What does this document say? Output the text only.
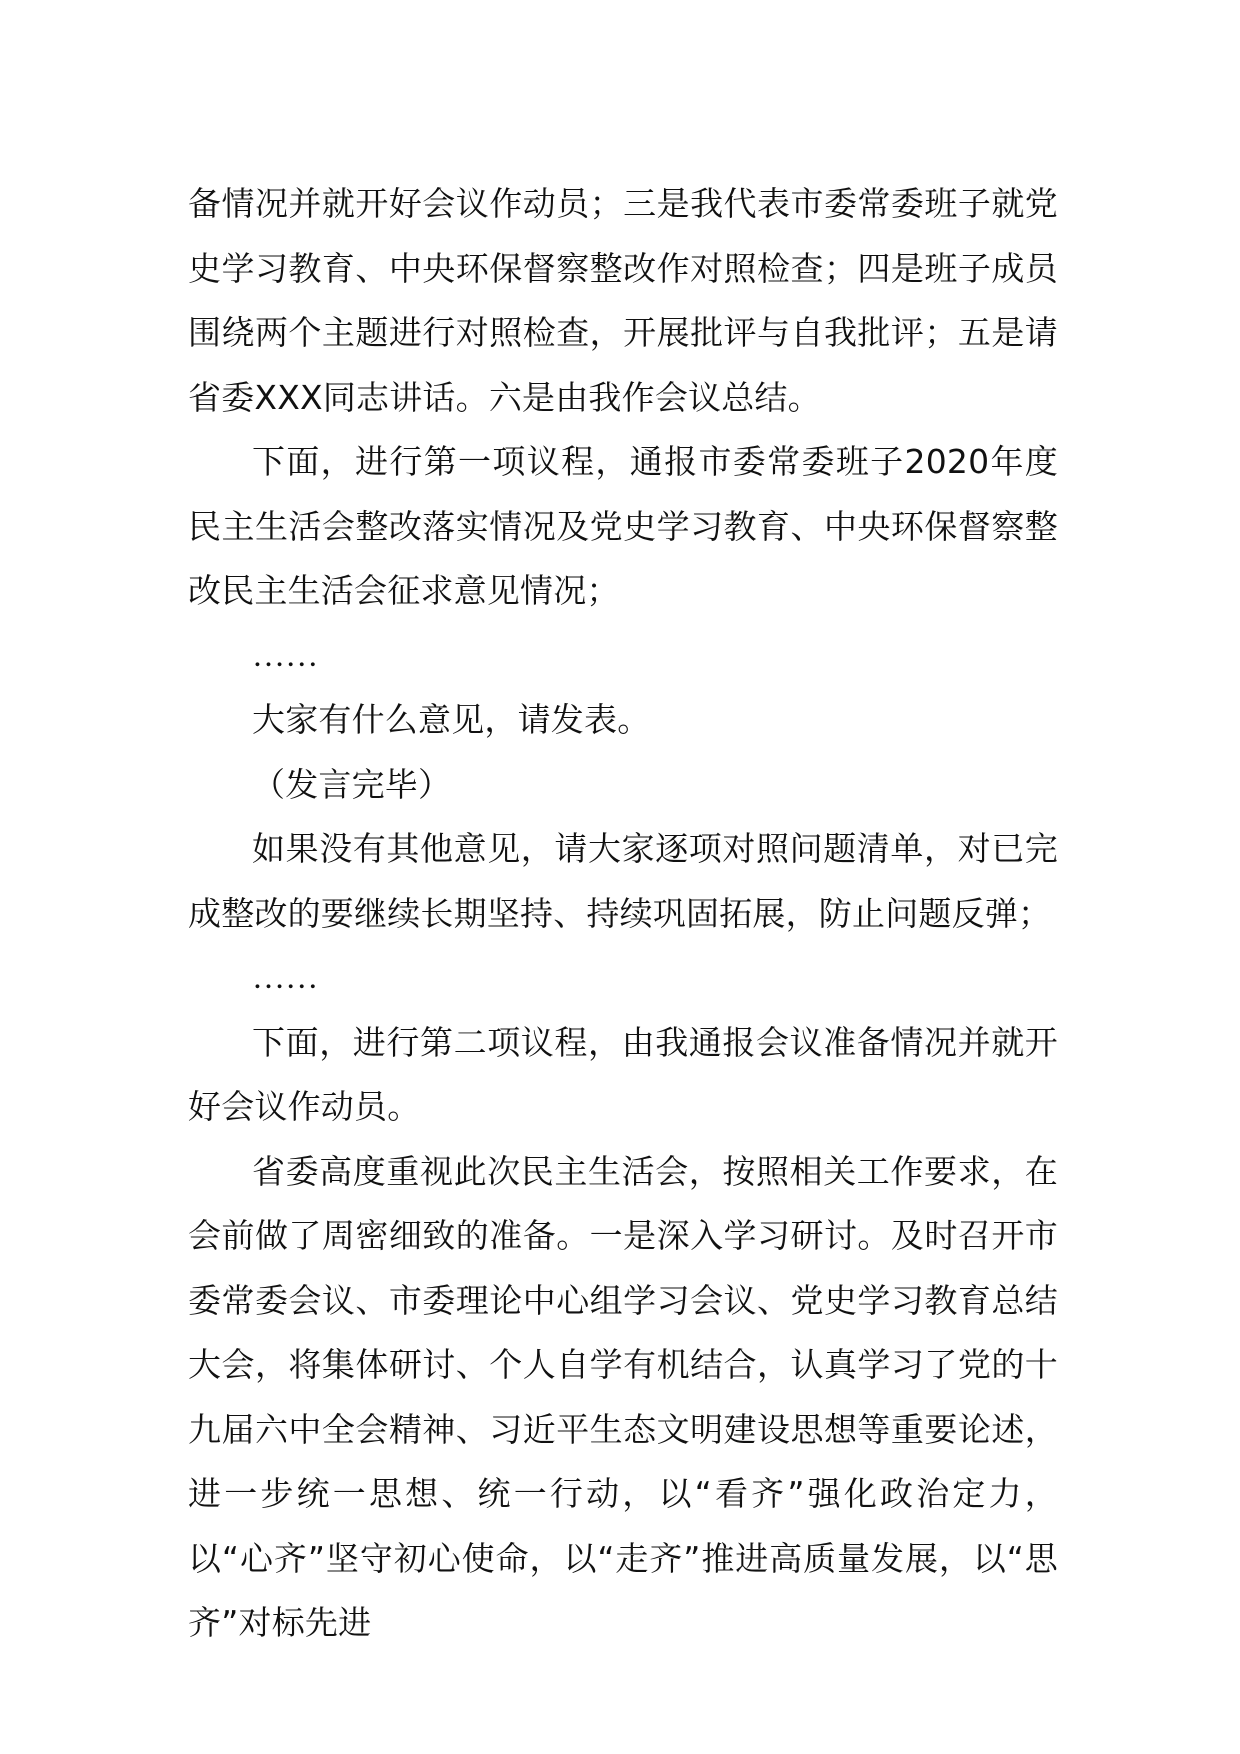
备情况并就开好会议作动员；三是我代表市委常委班子就党史学习教育、中央环保督察整改作对照检查；四是班子成员围绕两个主题进行对照检查，开展批评与自我批评；五是请省委XXX同志讲话。六是由我作会议总结。

下面，进行第一项议程，通报市委常委班子2020年度民主生活会整改落实情况及党史学习教育、中央环保督察整改民主生活会征求意见情况；

……

大家有什么意见，请发表。

（发言完毕）

如果没有其他意见，请大家逐项对照问题清单，对已完成整改的要继续长期坚持、持续巩固拓展，防止问题反弹；

……

下面，进行第二项议程，由我通报会议准备情况并就开好会议作动员。

省委高度重视此次民主生活会，按照相关工作要求，在会前做了周密细致的准备。一是深入学习研讨。及时召开市委常委会议、市委理论中心组学习会议、党史学习教育总结大会，将集体研讨、个人自学有机结合，认真学习了党的十九届六中全会精神、习近平生态文明建设思想等重要论述，进一步统一思想、统一行动，以“看齐”强化政治定力，以“心齐”坚守初心使命，以“走齐”推进高质量发展，以“思齐”对标先进
